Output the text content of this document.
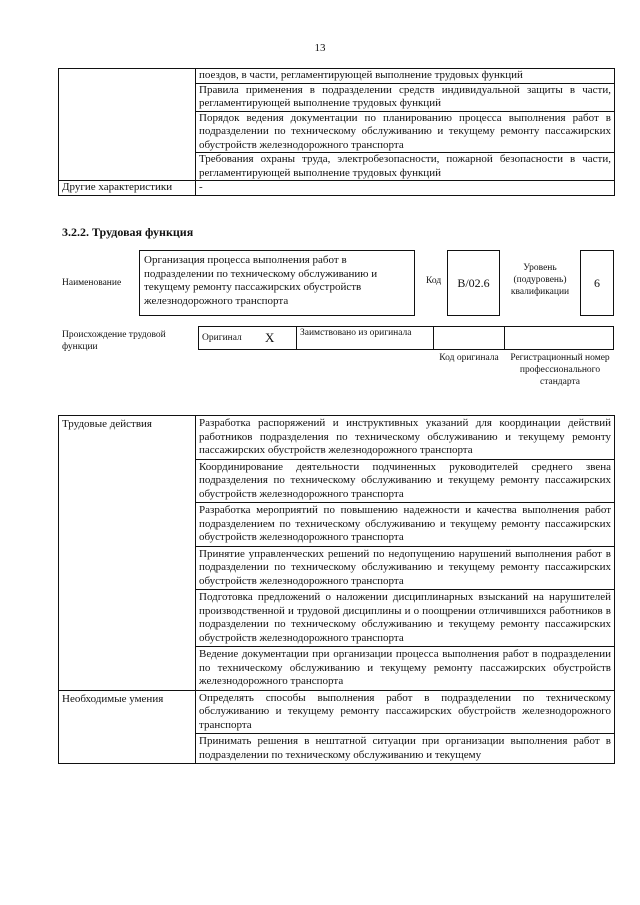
13
	поездов, в части, регламентирующей выполнение трудовых функций
	Правила применения в подразделении средств индивидуальной защиты в части, регламентирующей выполнение трудовых функций
	Порядок ведения документации по планированию процесса выполнения работ в подразделении по техническому обслуживанию и текущему ремонту пассажирских обустройств железнодорожного транспорта
	Требования охраны труда, электробезопасности, пожарной безопасности в части, регламентирующей выполнение трудовых функций
Другие характеристики	-
3.2.2. Трудовая функция
Наименование
Организация процесса выполнения работ в подразделении по техническому обслуживанию и текущему ремонту пассажирских обустройств железнодорожного транспорта
Код	B/02.6
Уровень (подуровень) квалификации
6
Происхождение трудовой функции
Оригинал X	Заимствовано из оригинала
Код оригинала	Регистрационный номер профессионального стандарта
Трудовые действия	Разработка распоряжений и инструктивных указаний для координации действий работников подразделения по техническому обслуживанию и текущему ремонту пассажирских обустройств железнодорожного транспорта
	Координирование деятельности подчиненных руководителей среднего звена подразделения по техническому обслуживанию и текущему ремонту пассажирских обустройств железнодорожного транспорта
	Разработка мероприятий по повышению надежности и качества выполнения работ подразделением по техническому обслуживанию и текущему ремонту пассажирских обустройств железнодорожного транспорта
	Принятие управленческих решений по недопущению нарушений выполнения работ в подразделении по техническому обслуживанию и текущему ремонту пассажирских обустройств железнодорожного транспорта
	Подготовка предложений о наложении дисциплинарных взысканий на нарушителей производственной и трудовой дисциплины и о поощрении отличившихся работников в подразделении по техническому обслуживанию и текущему ремонту пассажирских обустройств железнодорожного транспорта
	Ведение документации при организации процесса выполнения работ в подразделении по техническому обслуживанию и текущему ремонту пассажирских обустройств железнодорожного транспорта
Необходимые умения	Определять способы выполнения работ в подразделении по техническому обслуживанию и текущему ремонту пассажирских обустройств железнодорожного транспорта
	Принимать решения в нештатной ситуации при организации выполнения работ в подразделении по техническому обслуживанию и текущему
